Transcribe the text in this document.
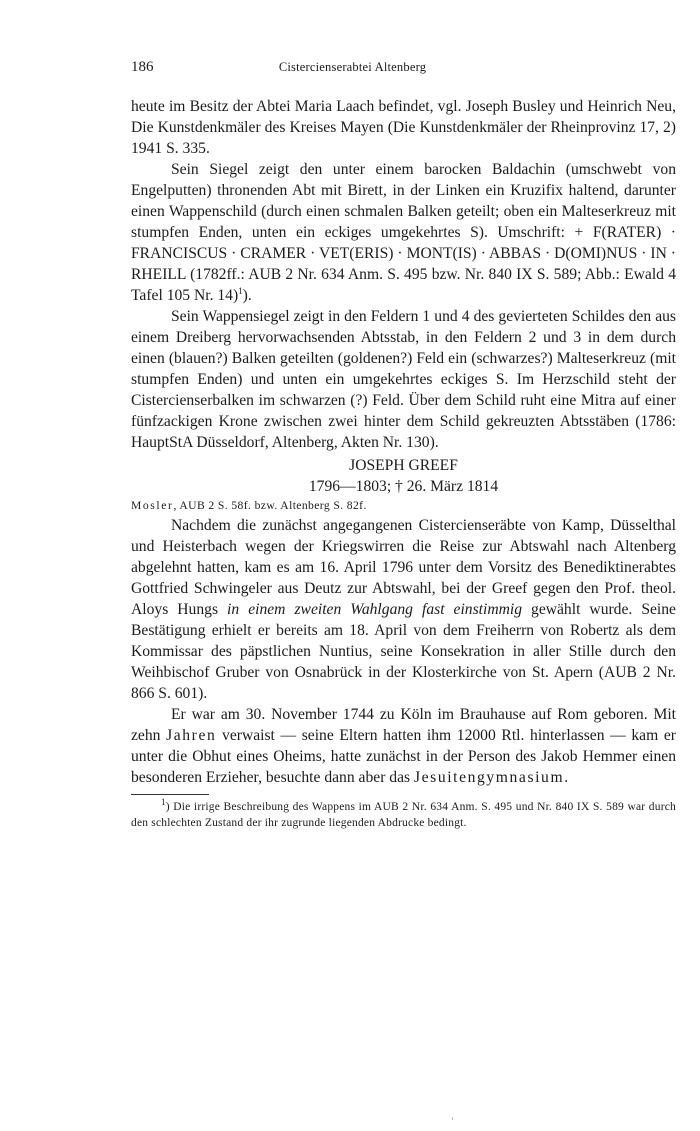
186	Cistercienserabtei Altenberg

heute im Besitz der Abtei Maria Laach befindet, vgl. Joseph Busley und Heinrich Neu, Die Kunstdenkmäler des Kreises Mayen (Die Kunstdenkmäler der Rheinprovinz 17, 2) 1941 S. 335.

Sein Siegel zeigt den unter einem barocken Baldachin (umschwebt von Engelputten) thronenden Abt mit Birett, in der Linken ein Kruzifix haltend, darunter einen Wappenschild (durch einen schmalen Balken geteilt; oben ein Malteserkreuz mit stumpfen Enden, unten ein eckiges umgekehrtes S). Umschrift: + F(RATER) · FRANCISCUS · CRAMER · VET(ERIS) · MONT(IS) · ABBAS · D(OMI)NUS · IN · RHEILL (1782ff.: AUB 2 Nr. 634 Anm. S. 495 bzw. Nr. 840 IX S. 589; Abb.: Ewald 4 Tafel 105 Nr. 14)$^1$).

Sein Wappensiegel zeigt in den Feldern 1 und 4 des gevierteten Schildes den aus einem Dreiberg hervorwachsenden Abtsstab, in den Feldern 2 und 3 in dem durch einen (blauen?) Balken geteilten (goldenen?) Feld ein (schwarzes?) Malteserkreuz (mit stumpfen Enden) und unten ein umgekehrtes eckiges S. Im Herzschild steht der Cistercienserbalken im schwarzen (?) Feld. Über dem Schild ruht eine Mitra auf einer fünfzackigen Krone zwischen zwei hinter dem Schild gekreuzten Abtsstäben (1786: HauptStA Düsseldorf, Altenberg, Akten Nr. 130).

JOSEPH GREEF

1796—1803; † 26. März 1814

Mosler, AUB 2 S. 58f. bzw. Altenberg S. 82f.

Nachdem die zunächst angegangenen Cistercienseräbte von Kamp, Düsselthal und Heisterbach wegen der Kriegswirren die Reise zur Abtswahl nach Altenberg abgelehnt hatten, kam es am 16. April 1796 unter dem Vorsitz des Benediktinerabtes Gottfried Schwingeler aus Deutz zur Abtswahl, bei der Greef gegen den Prof. theol. Aloys Hungs in einem zweiten Wahlgang fast einstimmig gewählt wurde. Seine Bestätigung erhielt er bereits am 18. April von dem Freiherrn von Robertz als dem Kommissar des päpstlichen Nuntius, seine Konsekration in aller Stille durch den Weihbischof Gruber von Osnabrück in der Klosterkirche von St. Apern (AUB 2 Nr. 866 S. 601).

Er war am 30. November 1744 zu Köln im Brauhause auf Rom geboren. Mit zehn Jahren verwaist — seine Eltern hatten ihm 12000 Rtl. hinterlassen — kam er unter die Obhut eines Oheims, hatte zunächst in der Person des Jakob Hemmer einen besonderen Erzieher, besuchte dann aber das Jesuitengymnasium.

$^1$) Die irrige Beschreibung des Wappens im AUB 2 Nr. 634 Anm. S. 495 und Nr. 840 IX S. 589 war durch den schlechten Zustand der ihr zugrunde liegenden Abdrucke bedingt.
